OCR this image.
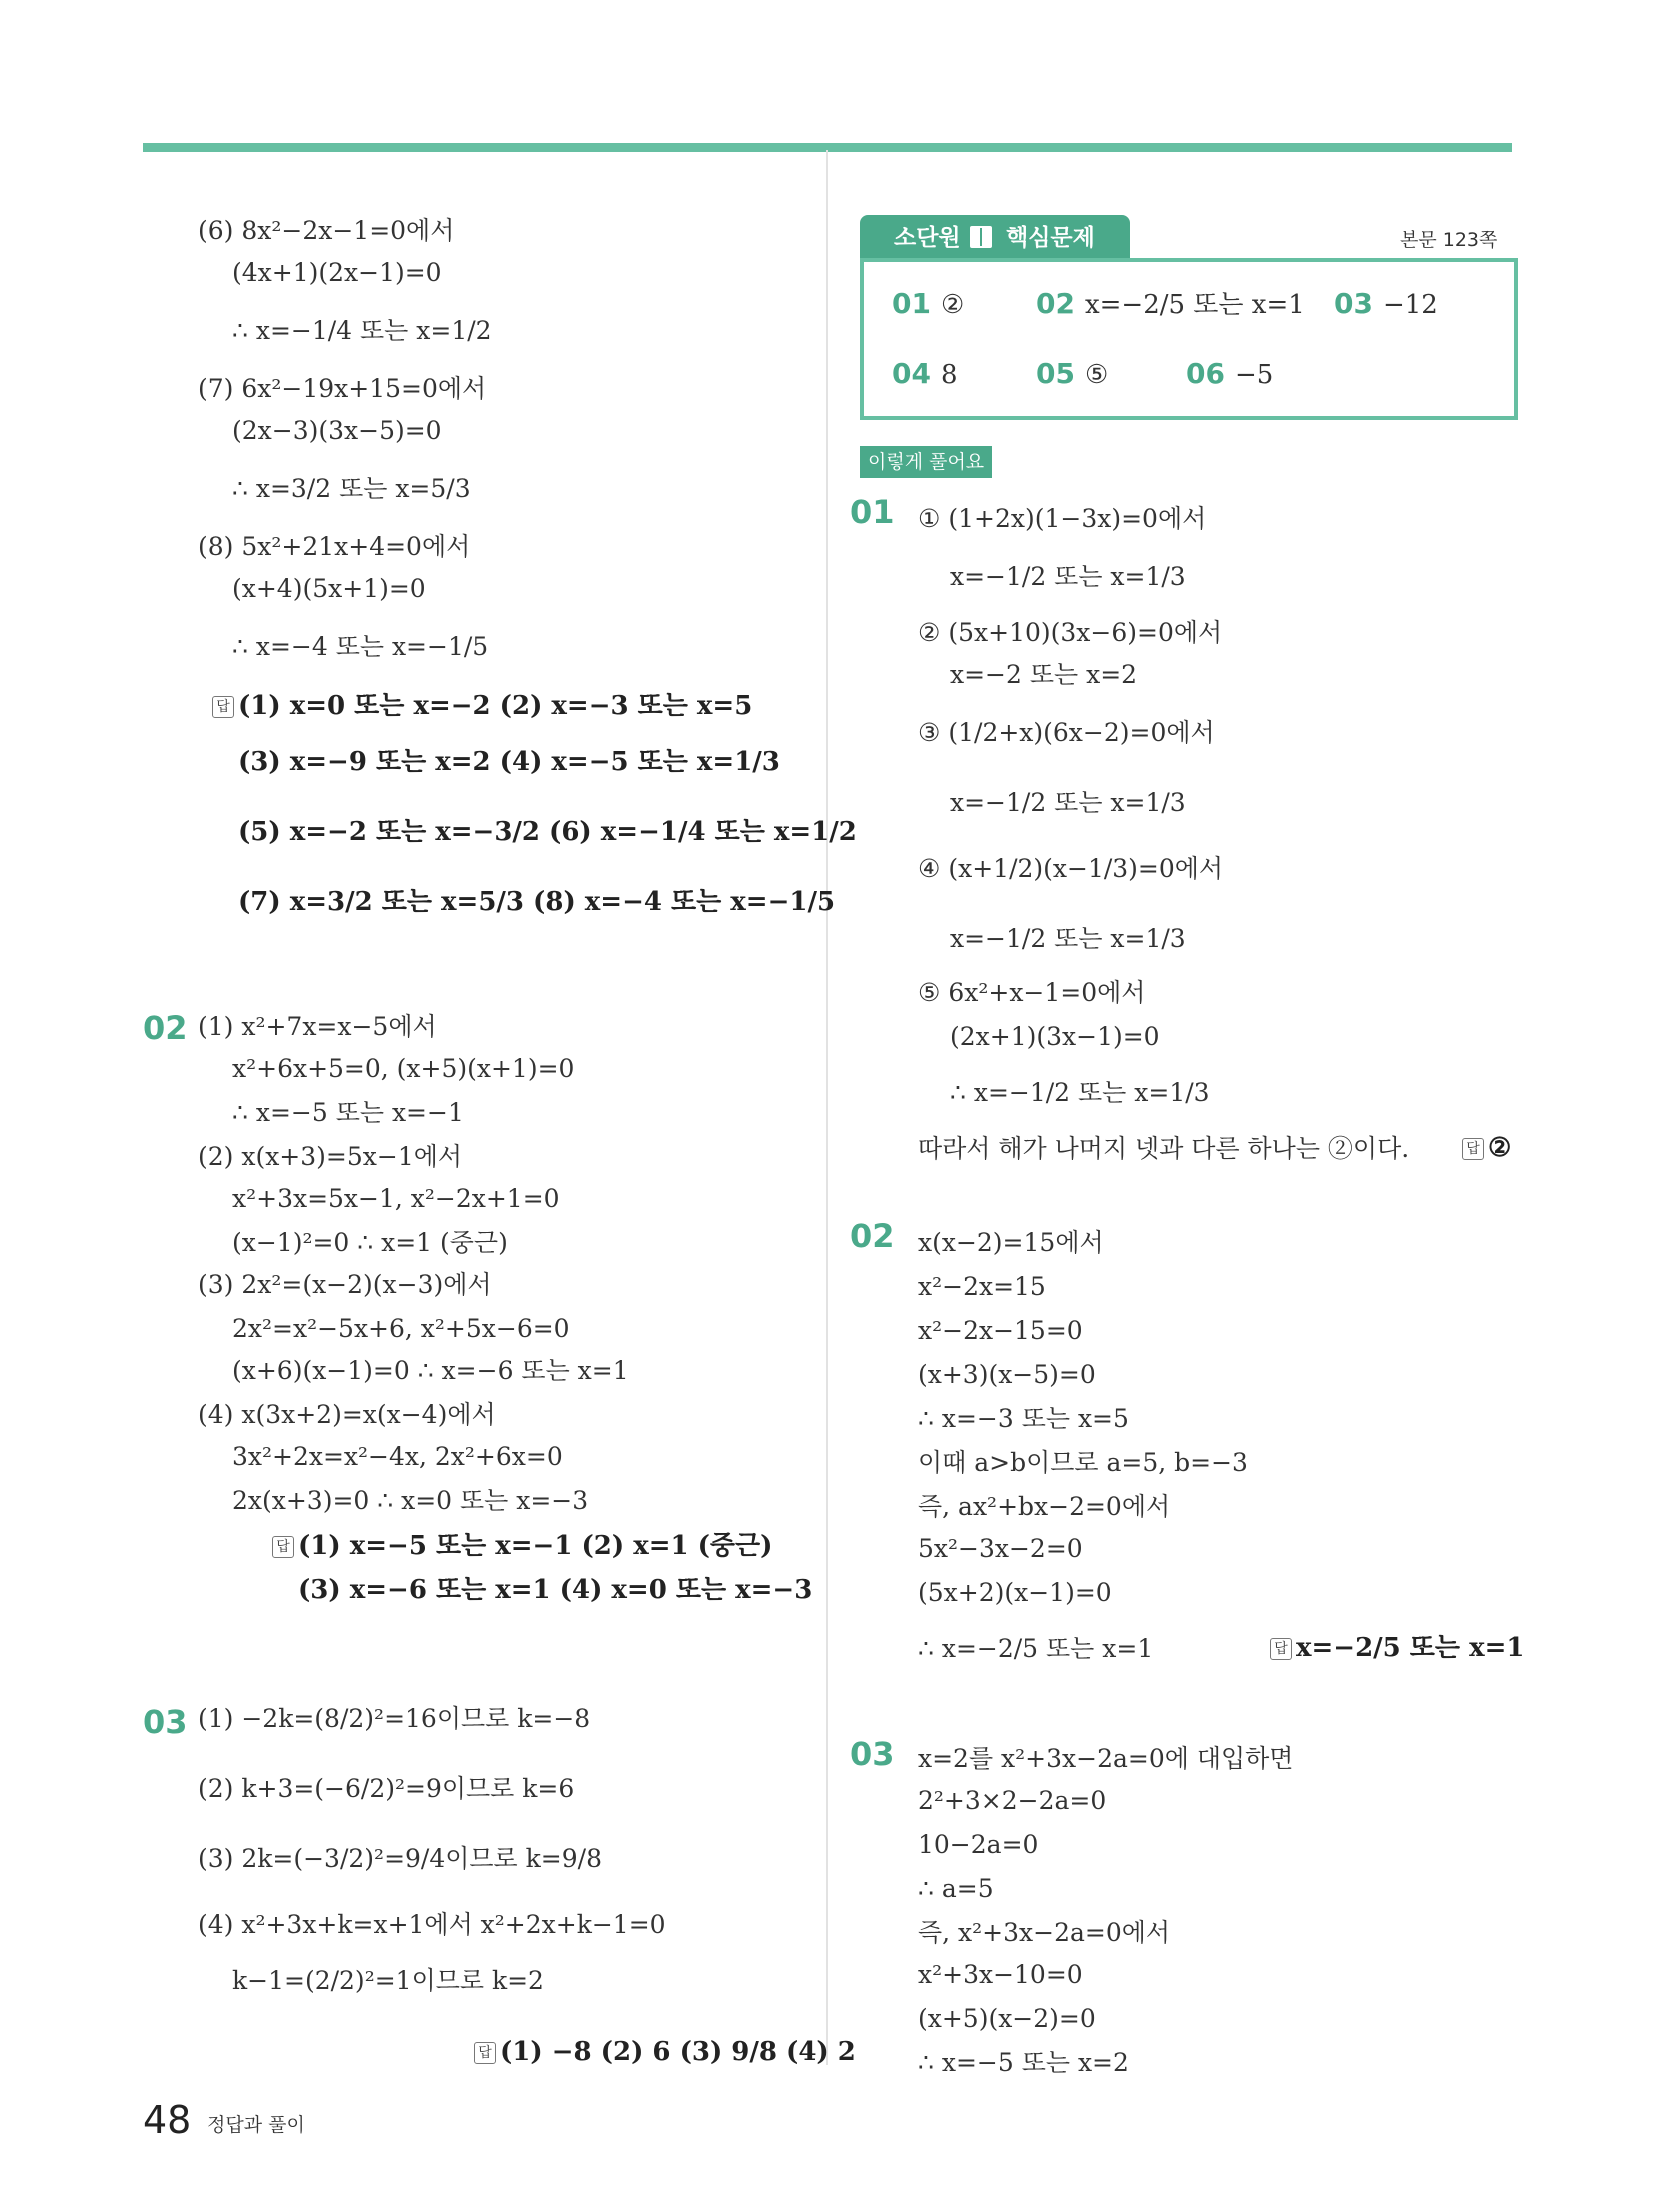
(6) 8x²−2x−1=0에서
(4x+1)(2x−1)=0
∴ x=−1/4 또는 x=1/2
(7) 6x²−19x+15=0에서
(2x−3)(3x−5)=0
∴ x=3/2 또는 x=5/3
(8) 5x²+21x+4=0에서
(x+4)(5x+1)=0
∴ x=−4 또는 x=−1/5
답 (1) x=0 또는 x=−2 (2) x=−3 또는 x=5
(3) x=−9 또는 x=2 (4) x=−5 또는 x=1/3
(5) x=−2 또는 x=−3/2 (6) x=−1/4 또는 x=1/2
(7) x=3/2 또는 x=5/3 (8) x=−4 또는 x=−1/5
02 (1) x²+7x=x−5에서
x²+6x+5=0, (x+5)(x+1)=0
∴ x=−5 또는 x=−1
(2) x(x+3)=5x−1에서
x²+3x=5x−1, x²−2x+1=0
(x−1)²=0 ∴ x=1 (중근)
(3) 2x²=(x−2)(x−3)에서
2x²=x²−5x+6, x²+5x−6=0
(x+6)(x−1)=0 ∴ x=−6 또는 x=1
(4) x(3x+2)=x(x−4)에서
3x²+2x=x²−4x, 2x²+6x=0
2x(x+3)=0 ∴ x=0 또는 x=−3
답 (1) x=−5 또는 x=−1 (2) x=1 (중근)
(3) x=−6 또는 x=1 (4) x=0 또는 x=−3
03 (1) −2k=(8/2)²=16이므로 k=−8
(2) k+3=(−6/2)²=9이므로 k=6
(3) 2k=(−3/2)²=9/4이므로 k=9/8
(4) x²+3x+k=x+1에서 x²+2x+k−1=0
k−1=(2/2)²=1이므로 k=2
답 (1) −8 (2) 6 (3) 9/8 (4) 2
소단원 핵심문제	본문 123쪽
01 ②	02 x=−2/5 또는 x=1 03 −12
04 8	05 ⑤	06 −5
이렇게 풀어요
01 ① (1+2x)(1−3x)=0에서
x=−1/2 또는 x=1/3
② (5x+10)(3x−6)=0에서
x=−2 또는 x=2
③ (1/2+x)(6x−2)=0에서
x=−1/2 또는 x=1/3
④ (x+1/2)(x−1/3)=0에서
x=−1/2 또는 x=1/3
⑤ 6x²+x−1=0에서
(2x+1)(3x−1)=0
∴ x=−1/2 또는 x=1/3
따라서 해가 나머지 넷과 다른 하나는 ②이다.	답 ②
02 x(x−2)=15에서
x²−2x=15
x²−2x−15=0
(x+3)(x−5)=0
∴ x=−3 또는 x=5
이때 a>b이므로 a=5, b=−3
즉, ax²+bx−2=0에서
5x²−3x−2=0
(5x+2)(x−1)=0
∴ x=−2/5 또는 x=1	답 x=−2/5 또는 x=1
03 x=2를 x²+3x−2a=0에 대입하면
2²+3×2−2a=0
10−2a=0
∴ a=5
즉, x²+3x−2a=0에서
x²+3x−10=0
(x+5)(x−2)=0
∴ x=−5 또는 x=2
48 정답과 풀이
